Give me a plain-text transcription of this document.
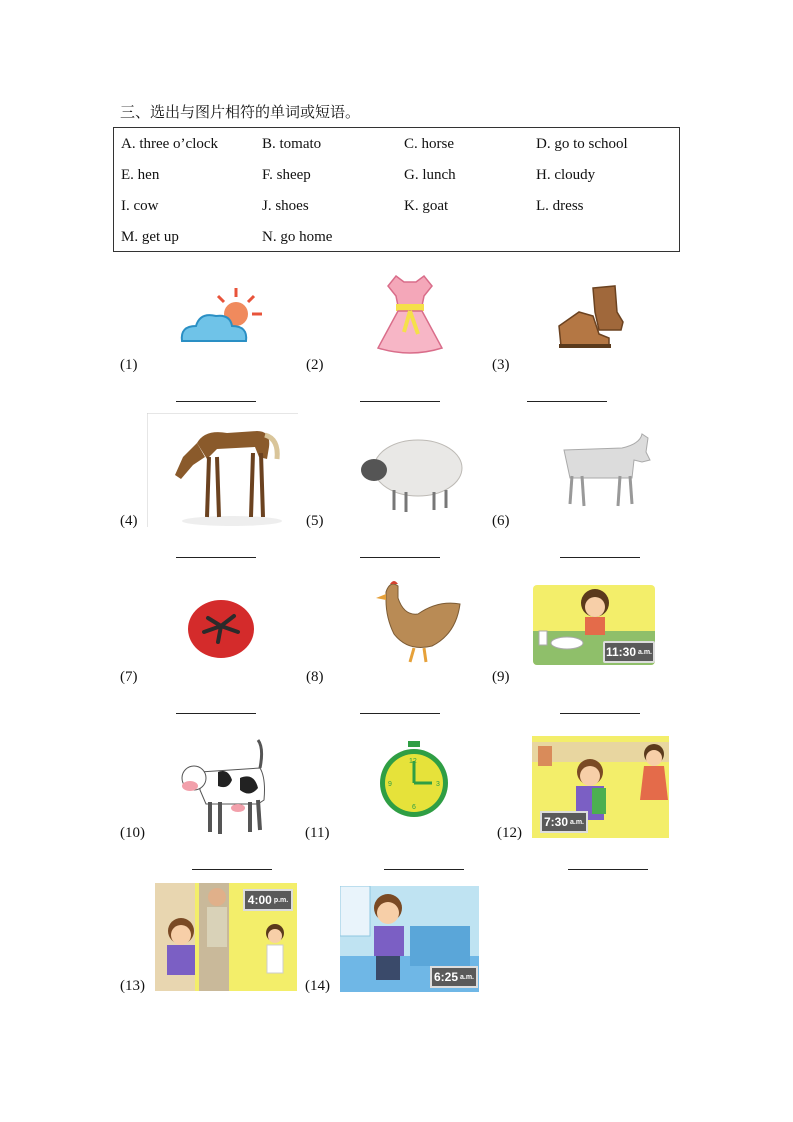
三、选出与图片相符的单词或短语。
A. three o’clock	B. tomato	C. horse	D. go to school
E. hen	F. sheep	G. lunch	H. cloudy
I. cow	J. shoes	K. goat	L. dress
M. get up	N. go home
(1)	(2)	(3)
(4)	(5)	(6)
(7)	(8)
11:30 a.m.
(9)
(10)
12
3
6
9
(11)
7:30 a.m.
(12)
4:00 p.m.
(13)
6:25 a.m.
(14)
